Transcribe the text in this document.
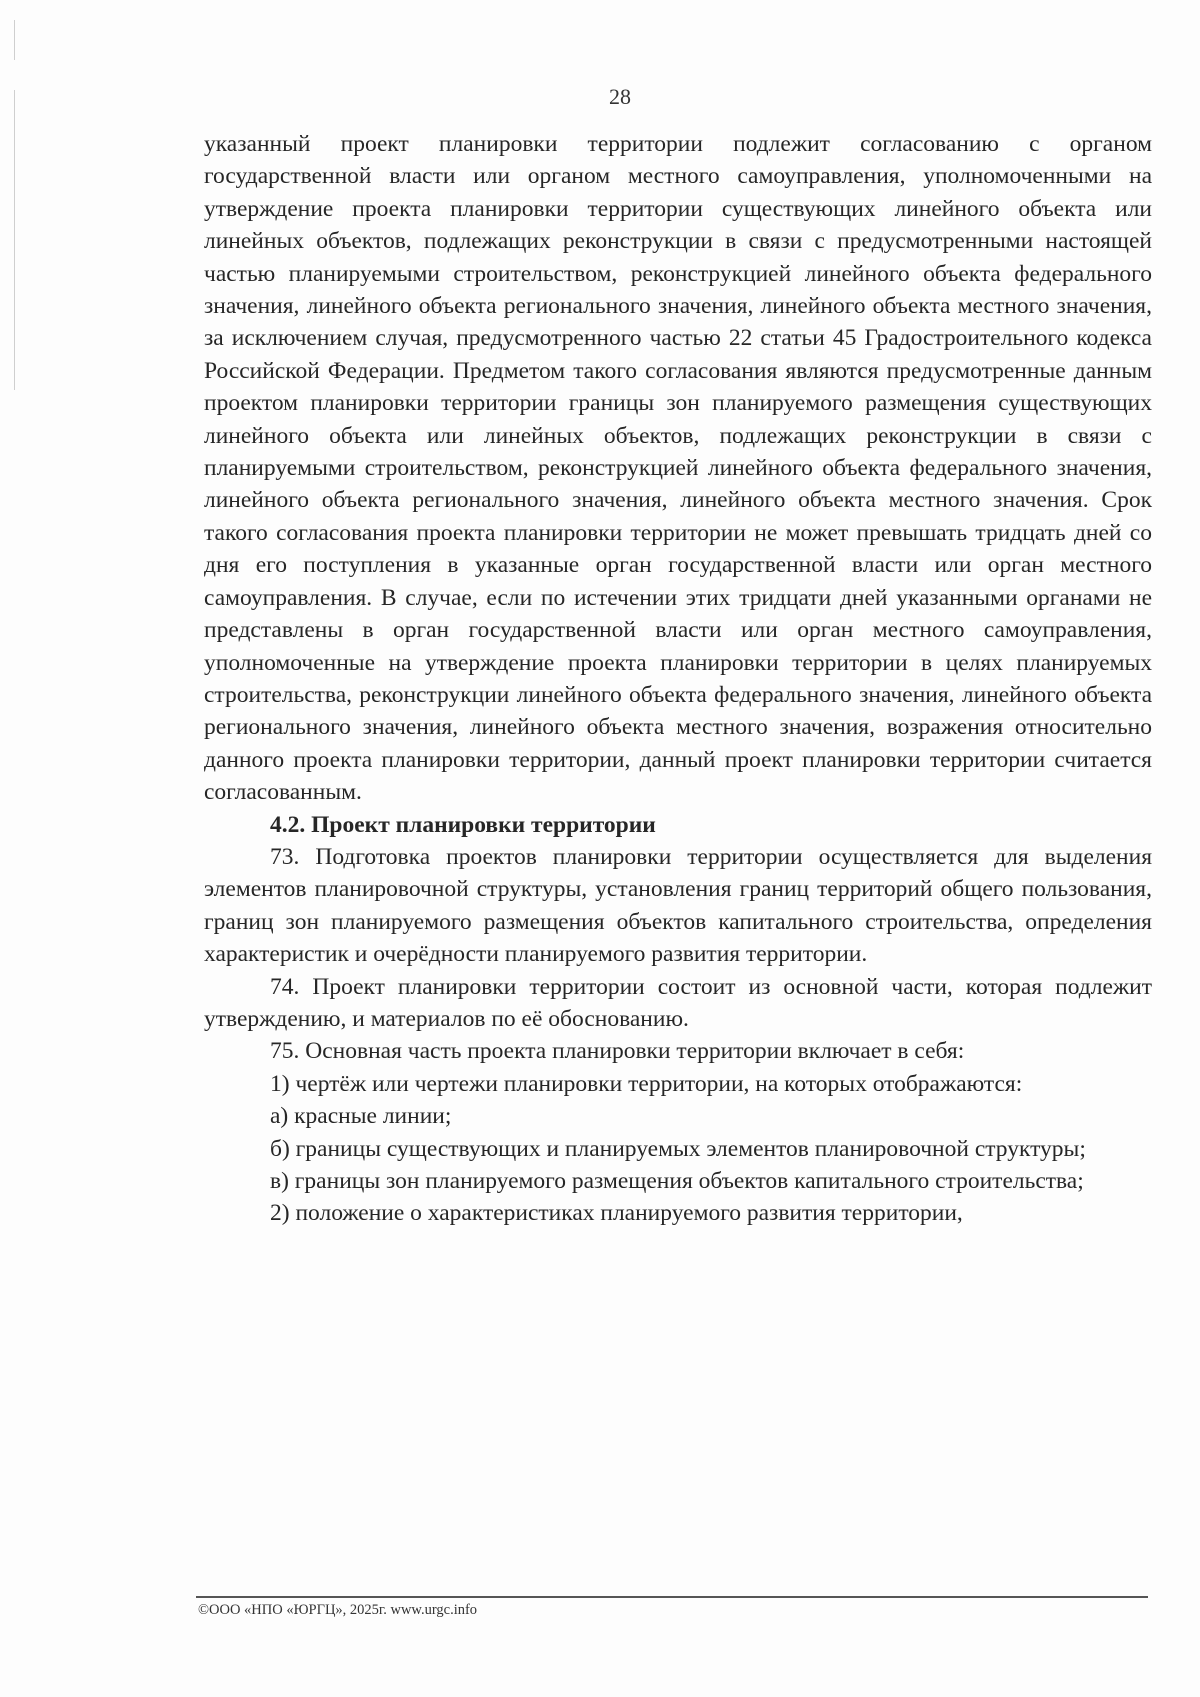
28

указанный проект планировки территории подлежит согласованию с органом государственной власти или органом местного самоуправления, уполномоченными на утверждение проекта планировки территории существующих линейного объекта или линейных объектов, подлежащих реконструкции в связи с предусмотренными настоящей частью планируемыми строительством, реконструкцией линейного объекта федерального значения, линейного объекта регионального значения, линейного объекта местного значения, за исключением случая, предусмотренного частью 22 статьи 45 Градостроительного кодекса Российской Федерации. Предметом такого согласования являются предусмотренные данным проектом планировки территории границы зон планируемого размещения существующих линейного объекта или линейных объектов, подлежащих реконструкции в связи с планируемыми строительством, реконструкцией линейного объекта федерального значения, линейного объекта регионального значения, линейного объекта местного значения. Срок такого согласования проекта планировки территории не может превышать тридцать дней со дня его поступления в указанные орган государственной власти или орган местного самоуправления. В случае, если по истечении этих тридцати дней указанными органами не представлены в орган государственной власти или орган местного самоуправления, уполномоченные на утверждение проекта планировки территории в целях планируемых строительства, реконструкции линейного объекта федерального значения, линейного объекта регионального значения, линейного объекта местного значения, возражения относительно данного проекта планировки территории, данный проект планировки территории считается согласованным.

4.2. Проект планировки территории

73. Подготовка проектов планировки территории осуществляется для выделения элементов планировочной структуры, установления границ территорий общего пользования, границ зон планируемого размещения объектов капитального строительства, определения характеристик и очерёдности планируемого развития территории.

74. Проект планировки территории состоит из основной части, которая подлежит утверждению, и материалов по её обоснованию.

75. Основная часть проекта планировки территории включает в себя:

1) чертёж или чертежи планировки территории, на которых отображаются:

а) красные линии;

б) границы существующих и планируемых элементов планировочной структуры;

в) границы зон планируемого размещения объектов капитального строительства;

2) положение о характеристиках планируемого развития территории,

©ООО «НПО «ЮРГЦ», 2025г. www.urgc.info
